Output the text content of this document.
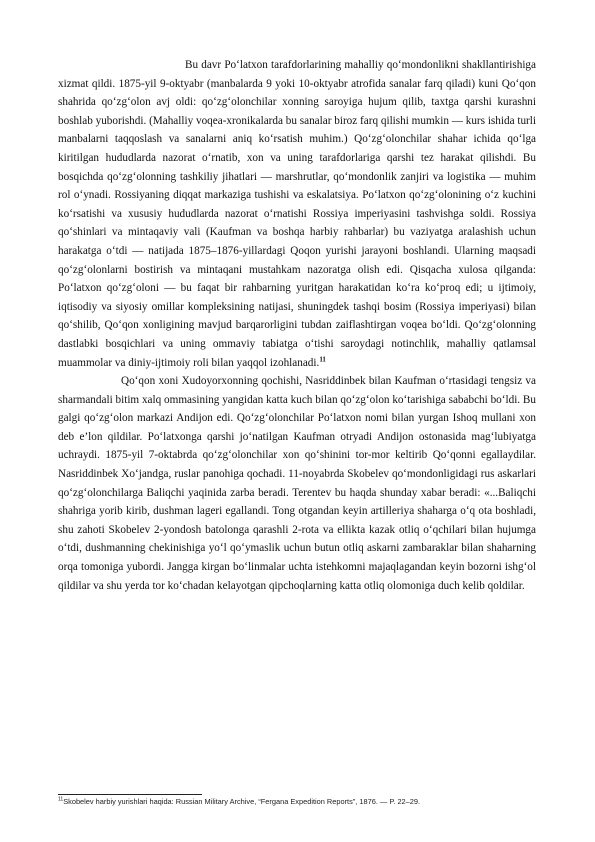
Bu davr Po‘latxon tarafdorlarining mahalliy qo‘mondonlikni shakllantirishiga xizmat qildi. 1875-yil 9-oktyabr (manbalarda 9 yoki 10-oktyabr atrofida sanalar farq qiladi) kuni Qo‘qon shahrida qo‘zg‘olon avj oldi: qo‘zg‘olonchilar xonning saroyiga hujum qilib, taxtga qarshi kurashni boshlab yuborishdi. (Mahalliy voqea-xronikalarda bu sanalar biroz farq qilishi mumkin — kurs ishida turli manbalarni taqqoslash va sanalarni aniq ko‘rsatish muhim.) Qo‘zg‘olonchilar shahar ichida qo‘lga kiritilgan hududlarda nazorat o‘rnatib, xon va uning tarafdorlariga qarshi tez harakat qilishdi. Bu bosqichda qo‘zg‘olonning tashkiliy jihatlari — marshrutlar, qo‘mondonlik zanjiri va logistika — muhim rol o‘ynadi. Rossiyaning diqqat markaziga tushishi va eskalatsiya. Po‘latxon qo‘zg‘olonining o‘z kuchini ko‘rsatishi va xususiy hududlarda nazorat o‘rnatishi Rossiya imperiyasini tashvishga soldi. Rossiya qo‘shinlari va mintaqaviy vali (Kaufman va boshqa harbiy rahbarlar) bu vaziyatga aralashish uchun harakatga o‘tdi — natijada 1875–1876-yillardagi Qoqon yurishi jarayoni boshlandi. Ularning maqsadi qo‘zg‘olonlarni bostirish va mintaqani mustahkam nazoratga olish edi. Qisqacha xulosa qilganda: Po‘latxon qo‘zg‘oloni — bu faqat bir rahbarning yuritgan harakatidan ko‘ra ko‘proq edi; u ijtimoiy, iqtisodiy va siyosiy omillar kompleksining natijasi, shuningdek tashqi bosim (Rossiya imperiyasi) bilan qo‘shilib, Qo‘qon xonligining mavjud barqarorligini tubdan zaiflashtirgan voqea bo‘ldi. Qo‘zg‘olonning dastlabki bosqichlari va uning ommaviy tabiatga o‘tishi saroydagi notinchlik, mahalliy qatlamsal muammolar va diniy-ijtimoiy roli bilan yaqqol izohlanadi.$^{11}$

Qo‘qon xoni Xudoyorxonning qochishi, Nasriddinbek bilan Kaufman o‘rtasidagi tengsiz va sharmandali bitim xalq ommasining yangidan katta kuch bilan qo‘zg‘olon ko‘tarishiga sababchi bo‘ldi. Bu galgi qo‘zg‘olon markazi Andijon edi. Qo‘zg‘olonchilar Po‘latxon nomi bilan yurgan Ishoq mullani xon deb e’lon qildilar. Po‘latxonga qarshi jo‘natilgan Kaufman otryadi Andijon ostonasida mag‘lubiyatga uchraydi. 1875-yil 7-oktabrda qo‘zg‘olonchilar xon qo‘shinini tor-mor keltirib Qo‘qonni egallaydilar. Nasriddinbek Xo‘jandga, ruslar panohiga qochadi. 11-noyabrda Skobelev qo‘mondonligidagi rus askarlari qo‘zg‘olonchilarga Baliqchi yaqinida zarba beradi. Terentev bu haqda shunday xabar beradi: «...Baliqchi shahriga yorib kirib, dushman lageri egallandi. Tong otgandan keyin artilleriya shaharga o‘q ota boshladi, shu zahoti Skobelev 2-yondosh batolonga qarashli 2-rota va ellikta kazak otliq o‘qchilari bilan hujumga o‘tdi, dushmanning chekinishiga yo‘l qo‘ymaslik uchun butun otliq askarni zambaraklar bilan shaharning orqa tomoniga yubordi. Jangga kirgan bo‘linmalar uchta istehkomni majaqlagandan keyin bozorni ishg‘ol qildilar va shu yerda tor ko‘chadan kelayotgan qipchoqlarning katta otliq olomoniga duch kelib qoldilar.

$^{11}$Skobelev harbiy yurishlari haqida: Russian Military Archive, “Fergana Expedition Reports”, 1876. — P. 22–29.
